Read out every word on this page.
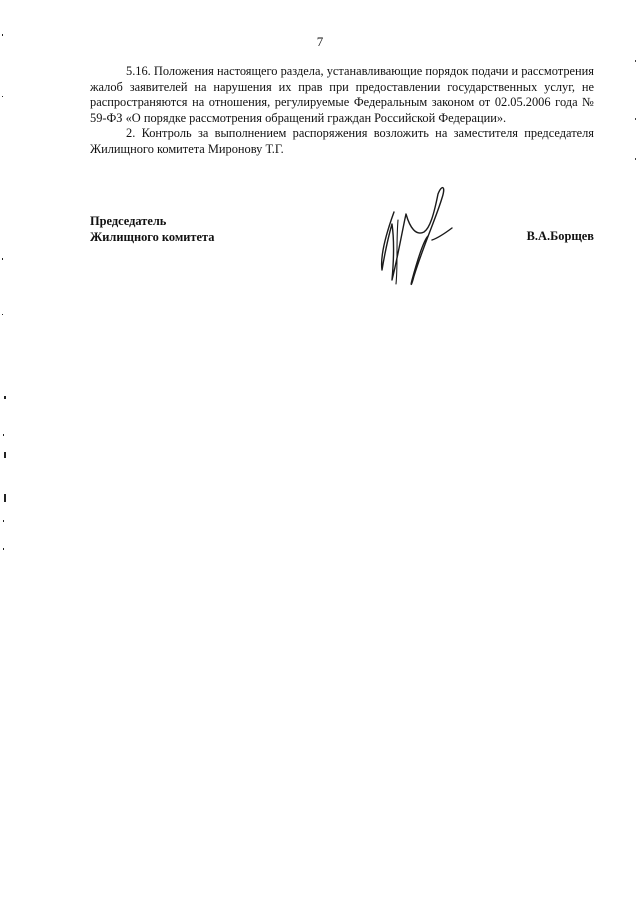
7

5.16. Положения настоящего раздела, устанавливающие порядок подачи и рассмотрения жалоб заявителей на нарушения их прав при предоставлении государственных услуг, не распространяются на отношения, регулируемые Федеральным законом от 02.05.2006 года № 59-ФЗ «О порядке рассмотрения обращений граждан Российской Федерации».

2. Контроль за выполнением распоряжения возложить на заместителя председателя Жилищного комитета Миронову Т.Г.

Председатель
Жилищного комитета	В.А.Борщев
